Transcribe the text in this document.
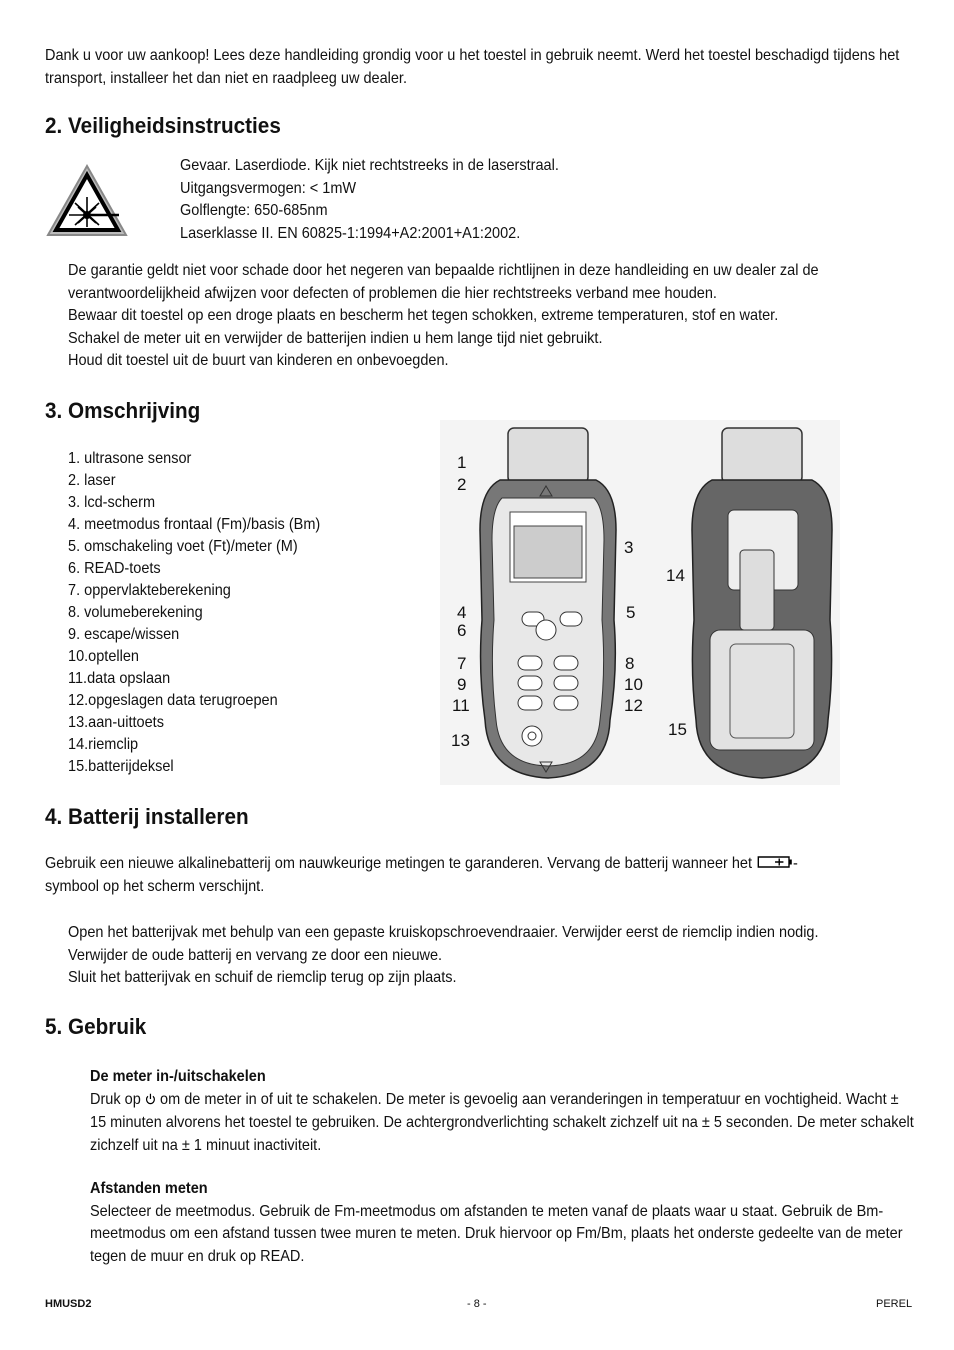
Dank u voor uw aankoop! Lees deze handleiding grondig voor u het toestel in gebruik neemt. Werd het toestel beschadigd tijdens het transport, installeer het dan niet en raadpleeg uw dealer.
2. Veiligheidsinstructies
Gevaar. Laserdiode. Kijk niet rechtstreeks in de laserstraal.
Uitgangsvermogen: < 1mW
Golflengte: 650-685nm
Laserklasse II. EN 60825-1:1994+A2:2001+A1:2002.
De garantie geldt niet voor schade door het negeren van bepaalde richtlijnen in deze handleiding en uw dealer zal de verantwoordelijkheid afwijzen voor defecten of problemen die hier rechtstreeks verband mee houden.
Bewaar dit toestel op een droge plaats en bescherm het tegen schokken, extreme temperaturen, stof en water.
Schakel de meter uit en verwijder de batterijen indien u hem lange tijd niet gebruikt.
Houd dit toestel uit de buurt van kinderen en onbevoegden.
3. Omschrijving
1. ultrasone sensor
2. laser
3. lcd-scherm
4. meetmodus frontaal (Fm)/basis (Bm)
5. omschakeling voet (Ft)/meter (M)
6. READ-toets
7. oppervlakteberekening
8. volumeberekening
9. escape/wissen
10.optellen
11.data opslaan
12.opgeslagen data terugroepen
13.aan-uittoets
14.riemclip
15.batterijdeksel
1
2
3
4	5
6
7	8
9	10
11	12
13
14
15
4. Batterij installeren
Gebruik een nieuwe alkalinebatterij om nauwkeurige metingen te garanderen. Vervang de batterij wanneer het	-
symbool op het scherm verschijnt.
Open het batterijvak met behulp van een gepaste kruiskopschroevendraaier. Verwijder eerst de riemclip indien nodig.
Verwijder de oude batterij en vervang ze door een nieuwe.
Sluit het batterijvak en schuif de riemclip terug op zijn plaats.
5. Gebruik
De meter in-/uitschakelen
Druk op om de meter in of uit te schakelen. De meter is gevoelig aan veranderingen in temperatuur en vochtigheid. Wacht ± 15 minuten alvorens het toestel te gebruiken. De achtergrondverlichting schakelt zichzelf uit na ± 5 seconden. De meter schakelt zichzelf uit na ± 1 minuut inactiviteit.
Afstanden meten
Selecteer de meetmodus. Gebruik de Fm-meetmodus om afstanden te meten vanaf de plaats waar u staat. Gebruik de Bm-meetmodus om een afstand tussen twee muren te meten. Druk hiervoor op Fm/Bm, plaats het onderste gedeelte van de meter tegen de muur en druk op READ.
HMUSD2	- 8 -	PEREL
